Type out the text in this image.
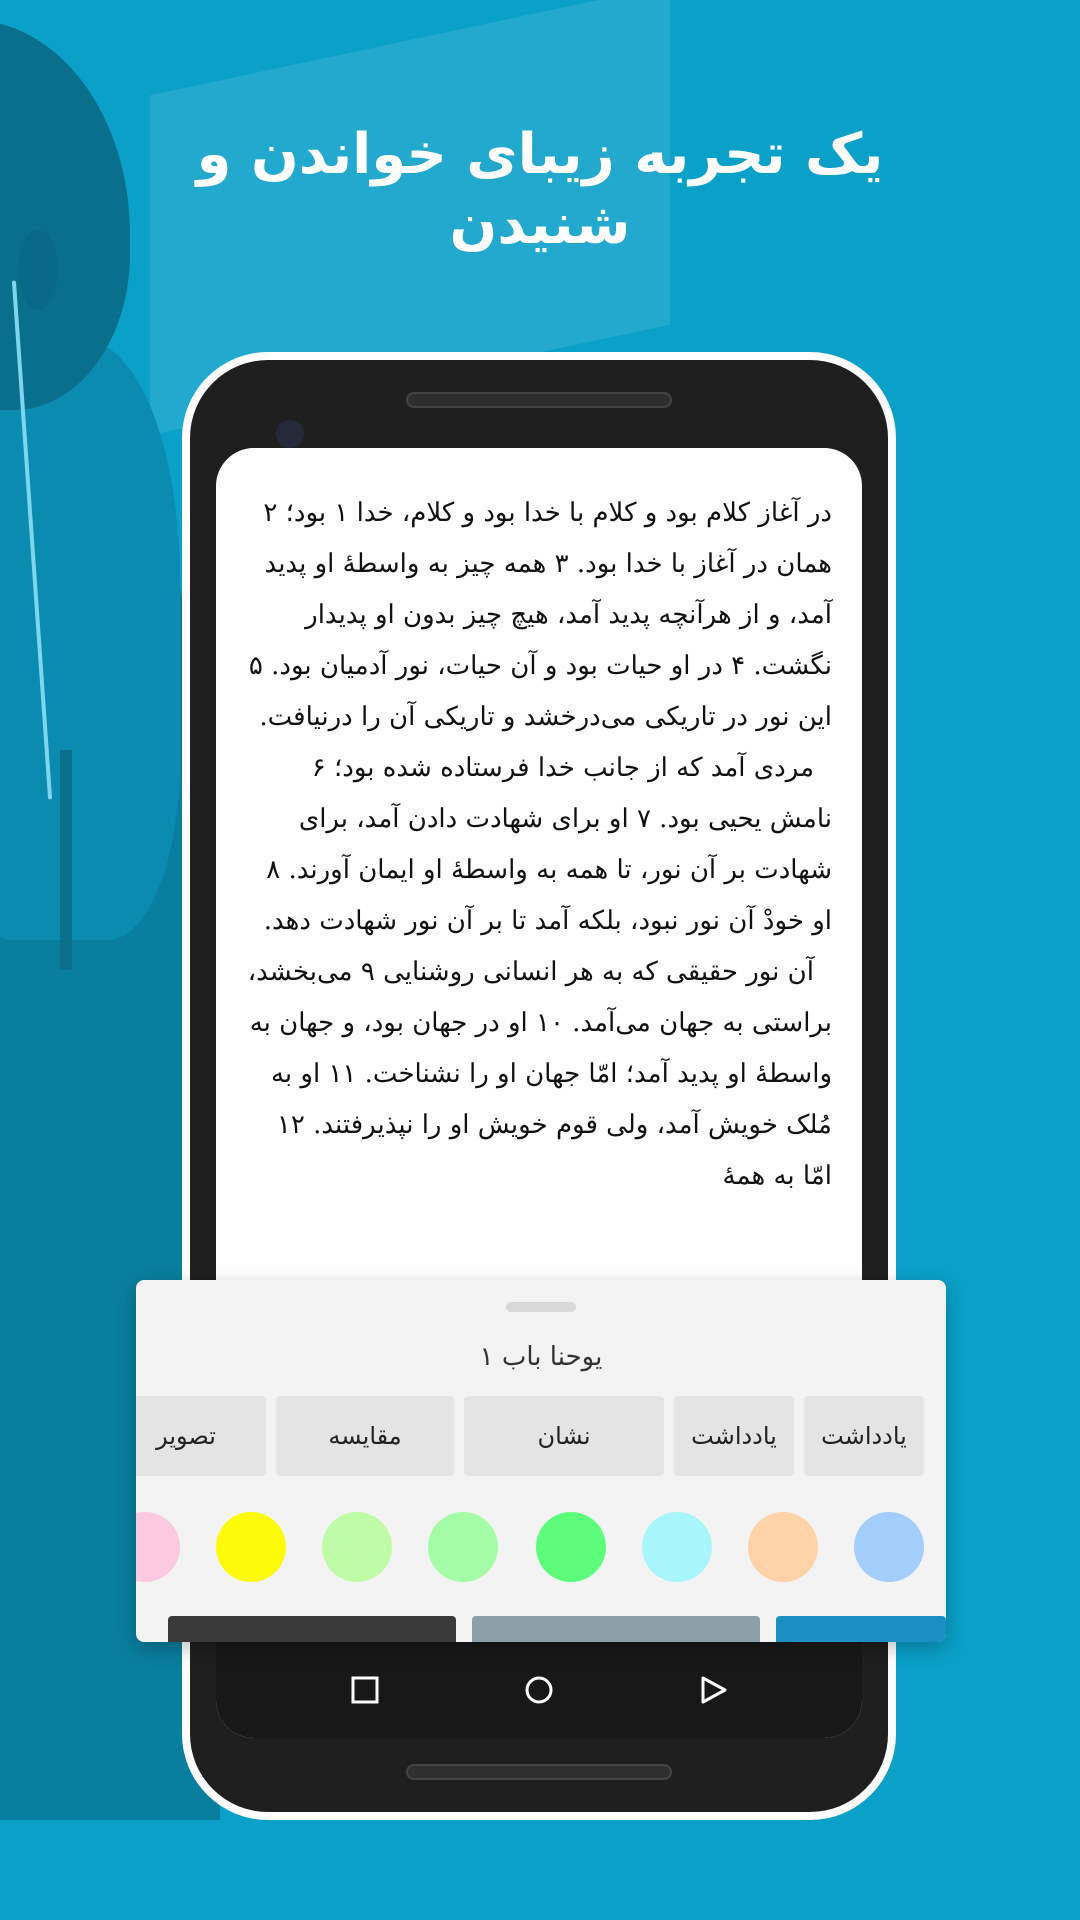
یک تجربه زیبای خواندن و شنیدن

در آغاز کلام بود و کلام با خدا بود و کلام، خدا ۱ بود؛ ۲ همان در آغاز با خدا بود. ۳ همه چیز به واسطهٔ او پدید آمد، و از هرآنچه پدید آمد، هیچ چیز بدون او پدیدار نگشت. ۴ در او حیات بود و آن حیات، نور آدمیان بود. ۵ این نور در تاریکی می‌درخشد و تاریکی آن را درنیافت.

مردی آمد که از جانب خدا فرستاده شده بود؛ ۶ نامش یحیی بود. ۷ او برای شهادت دادن آمد، برای شهادت بر آن نور، تا همه به واسطهٔ او ایمان آورند. ۸ او خودْ آن نور نبود، بلکه آمد تا بر آن نور شهادت دهد.

آن نور حقیقی که به هر انسانی روشنایی ۹ می‌بخشد، براستی به جهان می‌آمد. ۱۰ او در جهان بود، و جهان به واسطهٔ او پدید آمد؛ امّا جهان او را نشناخت. ۱۱ او به مُلک خویش آمد، ولی قوم خویش او را نپذیرفتند. ۱۲ امّا به همهٔ

یوحنا باب ۱
یادداشت
یادداشت
نشان
مقایسه
تصویر
